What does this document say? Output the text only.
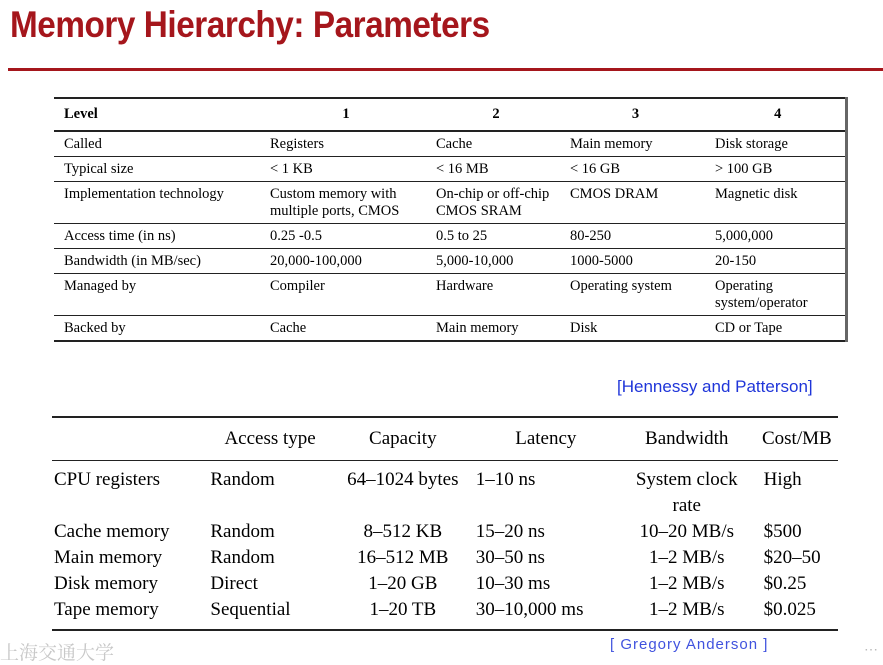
Memory Hierarchy: Parameters
Level	1	2	3	4
Called	Registers	Cache	Main memory	Disk storage
Typical size	< 1 KB	< 16 MB	< 16 GB	> 100 GB
Implementation technology	Custom memory with multiple ports, CMOS	On-chip or off-chip CMOS SRAM	CMOS DRAM	Magnetic disk
Access time (in ns)	0.25 -0.5	0.5 to 25	80-250	5,000,000
Bandwidth (in MB/sec)	20,000-100,000	5,000-10,000	1000-5000	20-150
Managed by	Compiler	Hardware	Operating system	Operating system/operator
Backed by	Cache	Main memory	Disk	CD or Tape
[Hennessy and Patterson]
	Access type	Capacity	Latency	Bandwidth	Cost/MB
CPU registers	Random	64–1024 bytes	1–10 ns	System clock rate	High
Cache memory	Random	8–512 KB	15–20 ns	10–20 MB/s	$500
Main memory	Random	16–512 MB	30–50 ns	1–2 MB/s	$20–50
Disk memory	Direct	1–20 GB	10–30 ms	1–2 MB/s	$0.25
Tape memory	Sequential	1–20 TB	30–10,000 ms	1–2 MB/s	$0.025
上海交通大学	[ Gregory Anderson ]	⋯
